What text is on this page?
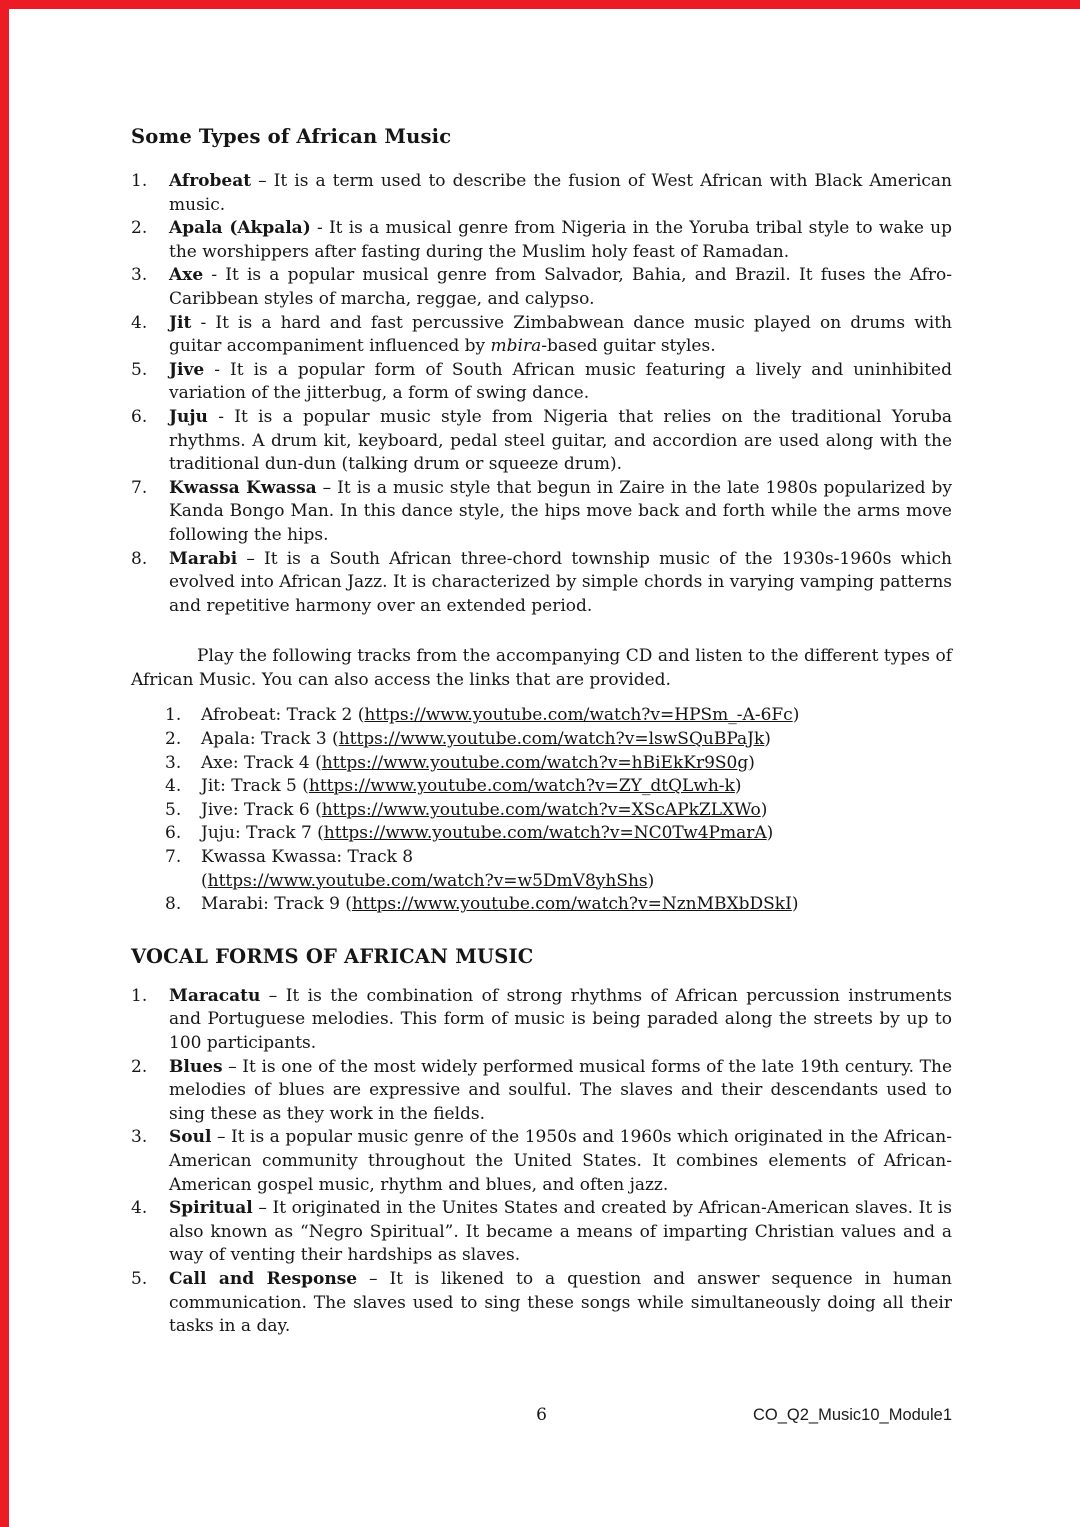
Some Types of African Music
1.	Afrobeat – It is a term used to describe the fusion of West African with Black American music.
2.	Apala (Akpala) - It is a musical genre from Nigeria in the Yoruba tribal style to wake up the worshippers after fasting during the Muslim holy feast of Ramadan.
3.	Axe - It is a popular musical genre from Salvador, Bahia, and Brazil. It fuses the Afro-Caribbean styles of marcha, reggae, and calypso.
4.	Jit - It is a hard and fast percussive Zimbabwean dance music played on drums with guitar accompaniment influenced by mbira-based guitar styles.
5.	Jive - It is a popular form of South African music featuring a lively and uninhibited variation of the jitterbug, a form of swing dance.
6.	Juju - It is a popular music style from Nigeria that relies on the traditional Yoruba rhythms. A drum kit, keyboard, pedal steel guitar, and accordion are used along with the traditional dun-dun (talking drum or squeeze drum).
7.	Kwassa Kwassa – It is a music style that begun in Zaire in the late 1980s popularized by Kanda Bongo Man. In this dance style, the hips move back and forth while the arms move following the hips.
8.	Marabi – It is a South African three-chord township music of the 1930s-1960s which evolved into African Jazz. It is characterized by simple chords in varying vamping patterns and repetitive harmony over an extended period.

Play the following tracks from the accompanying CD and listen to the different types of African Music. You can also access the links that are provided.

1.	Afrobeat: Track 2 (https://www.youtube.com/watch?v=HPSm_-A-6Fc)
2.	Apala: Track 3 (https://www.youtube.com/watch?v=lswSQuBPaJk)
3.	Axe: Track 4 (https://www.youtube.com/watch?v=hBiEkKr9S0g)
4.	Jit: Track 5 (https://www.youtube.com/watch?v=ZY_dtQLwh-k)
5.	Jive: Track 6 (https://www.youtube.com/watch?v=XScAPkZLXWo)
6.	Juju: Track 7 (https://www.youtube.com/watch?v=NC0Tw4PmarA)
7.	Kwassa Kwassa: Track 8
(https://www.youtube.com/watch?v=w5DmV8yhShs)
8.	Marabi: Track 9 (https://www.youtube.com/watch?v=NznMBXbDSkI)
VOCAL FORMS OF AFRICAN MUSIC
1.	Maracatu – It is the combination of strong rhythms of African percussion instruments and Portuguese melodies. This form of music is being paraded along the streets by up to 100 participants.
2.	Blues – It is one of the most widely performed musical forms of the late 19th century. The melodies of blues are expressive and soulful. The slaves and their descendants used to sing these as they work in the fields.
3.	Soul – It is a popular music genre of the 1950s and 1960s which originated in the African-American community throughout the United States. It combines elements of African-American gospel music, rhythm and blues, and often jazz.
4.	Spiritual – It originated in the Unites States and created by African-American slaves. It is also known as “Negro Spiritual”. It became a means of imparting Christian values and a way of venting their hardships as slaves.
5.	Call and Response – It is likened to a question and answer sequence in human communication. The slaves used to sing these songs while simultaneously doing all their tasks in a day.
6	CO_Q2_Music10_Module1
